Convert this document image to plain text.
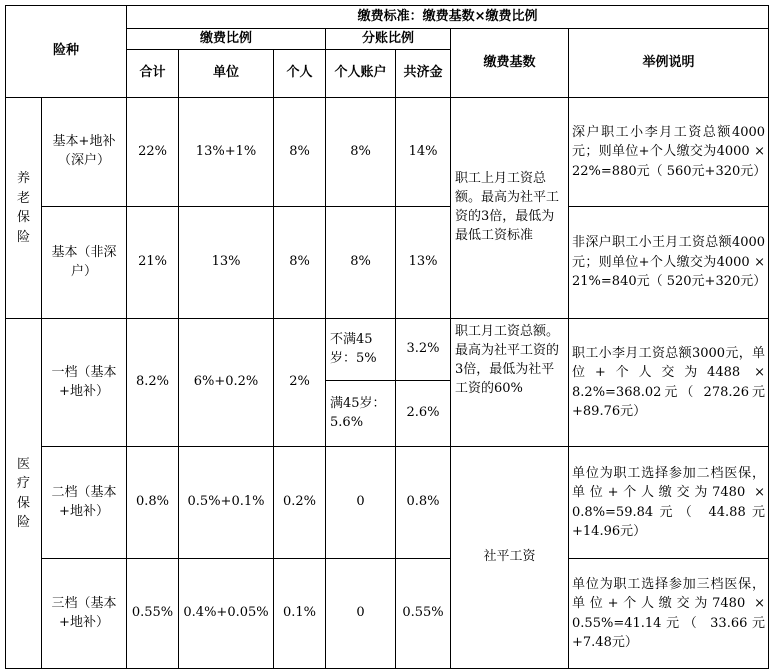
险种		缴费标准：缴费基数×缴费比例						
		缴费比例			分账比例		缴费基数	举例说明
		合计	单位	个人	个人账户	共济金		

养老保险	基本+地补（深户）	22%	13%+1%	8%	8%	14%	职工上月工资总额。最高为社平工资的3倍，最低为最低工资标准	深户职工小李月工资总额4000元；则单位+个人缴交为4000 × 22%=880元（ 560元+320元）
	基本（非深户）	21%	13%	8%	8%	13%		非深户职工小王月工资总额4000元；则单位+个人缴交为4000 × 21%=840元（ 520元+320元）

医疗保险	一档（基本+地补）	8.2%	6%+0.2%	2%	不满45岁：5%	3.2%	职工月工资总额。最高为社平工资的3倍，最低为社平工资的60%	职工小李月工资总额3000元，单位+个人交为4488 × 8.2%=368.02元（ 278.26元+89.76元）
					满45岁：5.6%	2.6%		
	二档（基本+地补）	0.8%	0.5%+0.1%	0.2%	0	0.8%	社平工资	单位为职工选择参加二档医保，单位+个人缴交为7480 × 0.8%=59.84元（ 44.88元+14.96元）
	三档（基本+地补）	0.55%	0.4%+0.05%	0.1%	0	0.55%		单位为职工选择参加三档医保，单位+个人缴交为7480 × 0.55%=41.14元（ 33.66元+7.48元）
